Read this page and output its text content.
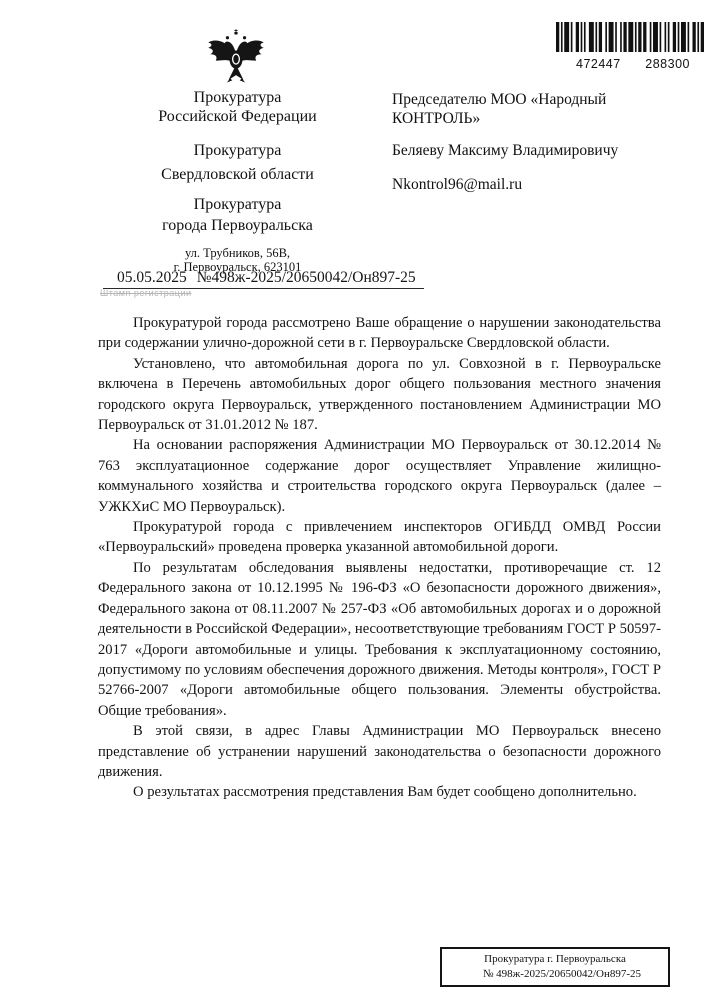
Прокуратура
Российской Федерации
Прокуратура
Свердловской области
Прокуратура
города Первоуральска
ул. Трубников, 56В,
г. Первоуральск, 623101
472447 288300

Председателю МОО «Народный КОНТРОЛЬ»

Беляеву Максиму Владимировичу

Nkontrol96@mail.ru

05.05.2025 №498ж-2025/20650042/Он897-25
Штамп регистрации

Прокуратурой города рассмотрено Ваше обращение о нарушении законодательства при содержании улично-дорожной сети в г. Первоуральске Свердловской области.

Установлено, что автомобильная дорога по ул. Совхозной в г. Первоуральске включена в Перечень автомобильных дорог общего пользования местного значения городского округа Первоуральск, утвержденного постановлением Администрации МО Первоуральск от 31.01.2012 № 187.

На основании распоряжения Администрации МО Первоуральск от 30.12.2014 № 763 эксплуатационное содержание дорог осуществляет Управление жилищно-коммунального хозяйства и строительства городского округа Первоуральск (далее – УЖКХиС МО Первоуральск).

Прокуратурой города с привлечением инспекторов ОГИБДД ОМВД России «Первоуральский» проведена проверка указанной автомобильной дороги.

По результатам обследования выявлены недостатки, противоречащие ст. 12 Федерального закона от 10.12.1995 № 196-ФЗ «О безопасности дорожного движения», Федерального закона от 08.11.2007 № 257-ФЗ «Об автомобильных дорогах и о дорожной деятельности в Российской Федерации», несоответствующие требованиям ГОСТ Р 50597-2017 «Дороги автомобильные и улицы. Требования к эксплуатационному состоянию, допустимому по условиям обеспечения дорожного движения. Методы контроля», ГОСТ Р 52766-2007 «Дороги автомобильные общего пользования. Элементы обустройства. Общие требования».

В этой связи, в адрес Главы Администрации МО Первоуральск внесено представление об устранении нарушений законодательства о безопасности дорожного движения.

О результатах рассмотрения представления Вам будет сообщено дополнительно.

Прокуратура г. Первоуральска
№ 498ж-2025/20650042/Он897-25
